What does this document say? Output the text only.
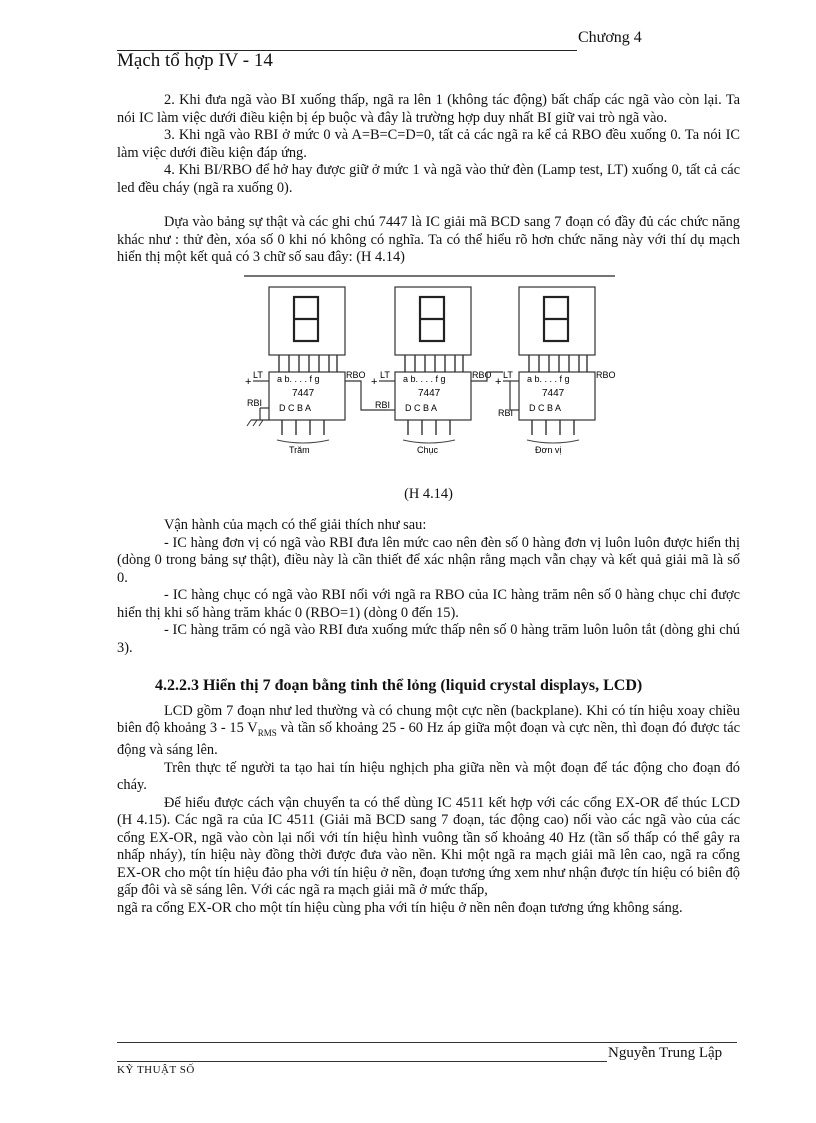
Chương 4
Mạch tổ hợp IV - 14

2. Khi đưa ngã vào BI xuống thấp, ngã ra lên 1 (không tác động) bất chấp các ngã vào còn lại. Ta nói IC làm việc dưới điều kiện bị ép buộc và đây là trường hợp duy nhất BI giữ vai trò ngã vào.

3. Khi ngã vào RBI ở mức 0 và A=B=C=D=0, tất cả các ngã ra kể cả RBO đều xuống 0. Ta nói IC làm việc dưới điều kiện đáp ứng.

4. Khi BI/RBO để hở hay được giữ ở mức 1 và ngã vào thử đèn (Lamp test, LT) xuống 0, tất cả các led đều cháy (ngã ra xuống 0).

Dựa vào bảng sự thật và các ghi chú 7447 là IC giải mã BCD sang 7 đoạn có đầy đủ các chức năng khác như : thử đèn, xóa số 0 khi nó không có nghĩa. Ta có thể hiểu rõ hơn chức năng này với thí dụ mạch hiển thị một kết quả có 3 chữ số sau đây: (H 4.14)

a b. . . . f g
7447
D C B A
Trăm
LT
+
RBO
RBI
a b. . . . f g
7447
D C B A
Chục
LT
+
RBO
RBI
a b. . . . f g
7447
D C B A
Đơn vị
LT
+
RBO
RBI
(H 4.14)

Vận hành của mạch có thể giải thích như sau:

- IC hàng đơn vị có ngã vào RBI đưa lên mức cao nên đèn số 0 hàng đơn vị luôn luôn được hiển thị (dòng 0 trong bảng sự thật), điều này là cần thiết để xác nhận rằng mạch vẫn chạy và kết quả giải mã là số 0.

- IC hàng chục có ngã vào RBI nối với ngã ra RBO của IC hàng trăm nên số 0 hàng chục chỉ được hiển thị khi số hàng trăm khác 0 (RBO=1) (dòng 0 đến 15).

- IC hàng trăm có ngã vào RBI đưa xuống mức thấp nên số 0 hàng trăm luôn luôn tắt (dòng ghi chú 3).

4.2.2.3 Hiển thị 7 đoạn bằng tinh thể lỏng (liquid crystal displays, LCD)

LCD gồm 7 đoạn như led thường và có chung một cực nền (backplane). Khi có tín hiệu xoay chiều biên độ khoảng 3 - 15 $V_{RMS}$ và tần số khoảng 25 - 60 Hz áp giữa một đoạn và cực nền, thì đoạn đó được tác động và sáng lên.

Trên thực tế người ta tạo hai tín hiệu nghịch pha giữa nền và một đoạn để tác động cho đoạn đó cháy.

Để hiểu được cách vận chuyển ta có thể dùng IC 4511 kết hợp với các cổng EX-OR để thúc LCD (H 4.15). Các ngã ra của IC 4511 (Giải mã BCD sang 7 đoạn, tác động cao) nối vào các ngã vào của các cổng EX-OR, ngã vào còn lại nối với tín hiệu hình vuông tần số khoảng 40 Hz (tần số thấp có thể gây ra nhấp nháy), tín hiệu này đồng thời được đưa vào nền. Khi một ngã ra mạch giải mã lên cao, ngã ra cổng EX-OR cho một tín hiệu đảo pha với tín hiệu ở nền, đoạn tương ứng xem như nhận được tín hiệu có biên độ gấp đôi và sẽ sáng lên. Với các ngã ra mạch giải mã ở mức thấp,

ngã ra cổng EX-OR cho một tín hiệu cùng pha với tín hiệu ở nền nên đoạn tương ứng không sáng.

Nguyễn Trung Lập
KỸ THUẬT SỐ
